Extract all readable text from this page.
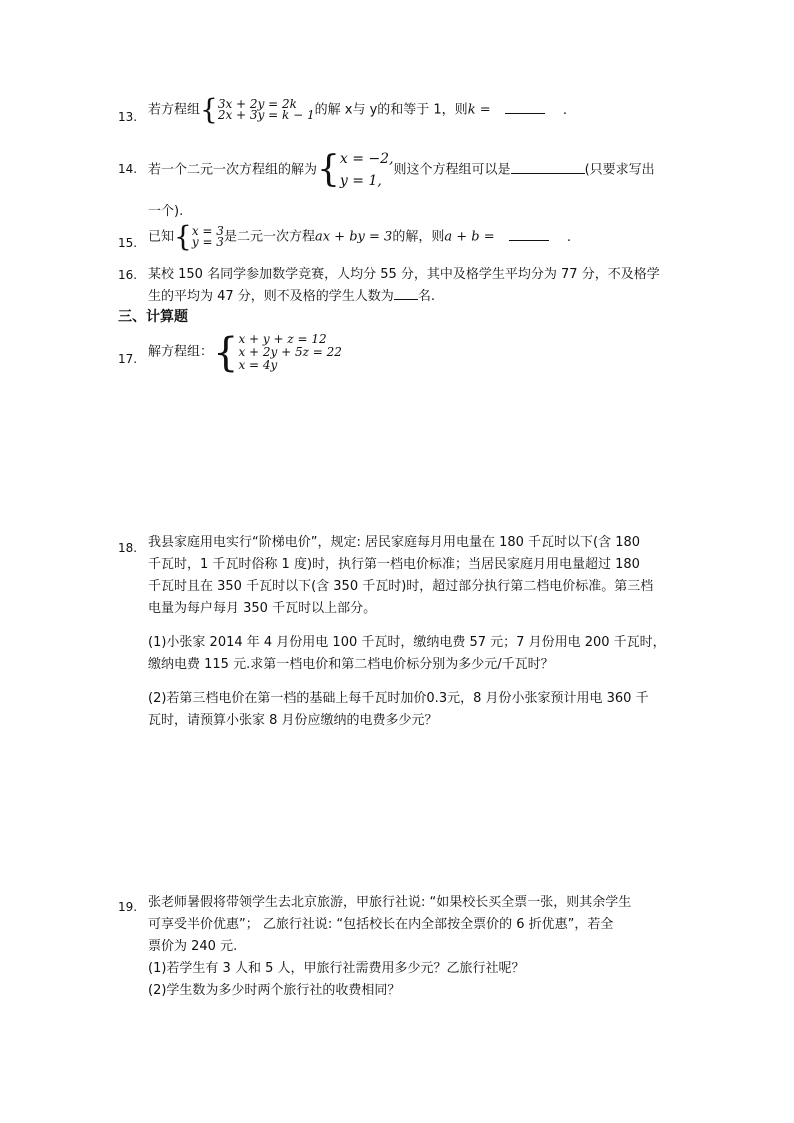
13. 若方程组{3x + 2y = 2k
2x + 3y = k − 1的解 x与 y的和等于 1，则k =	.
14. 若一个二元一次方程组的解为{x = −2,
y = 1,则这个方程组可以是	(只要求写出
一个).
15. 已知{x = 3
y = 3是二元一次方程ax + by = 3的解，则a + b =	.
16. 某校 150 名同学参加数学竞赛，人均分 55 分，其中及格学生平均分为 77 分，不及格学
生的平均为 47 分，则不及格的学生人数为 名.
三、计算题
17. 解方程组：{x + y + z = 12
x + 2y + 5z = 22
x = 4y
18. 我县家庭用电实行“阶梯电价”，规定: 居民家庭每月用电量在 180 千瓦时以下(含 180
千瓦时，1 千瓦时俗称 1 度)时，执行第一档电价标准；当居民家庭月用电量超过 180
千瓦时且在 350 千瓦时以下(含 350 千瓦时)时，超过部分执行第二档电价标准。第三档
电量为每户每月 350 千瓦时以上部分。
(1)小张家 2014 年 4 月份用电 100 千瓦时，缴纳电费 57 元；7 月份用电 200 千瓦时，
缴纳电费 115 元.求第一档电价和第二档电价标分别为多少元/千瓦时？
(2)若第三档电价在第一档的基础上每千瓦时加价0.3元，8 月份小张家预计用电 360 千
瓦时，请预算小张家 8 月份应缴纳的电费多少元？
19. 张老师暑假将带领学生去北京旅游，甲旅行社说: “如果校长买全票一张，则其余学生
可享受半价优惠”； 乙旅行社说: “包括校长在内全部按全票价的 6 折优惠”，若全
票价为 240 元.
(1)若学生有 3 人和 5 人，甲旅行社需费用多少元？乙旅行社呢？
(2)学生数为多少时两个旅行社的收费相同？
